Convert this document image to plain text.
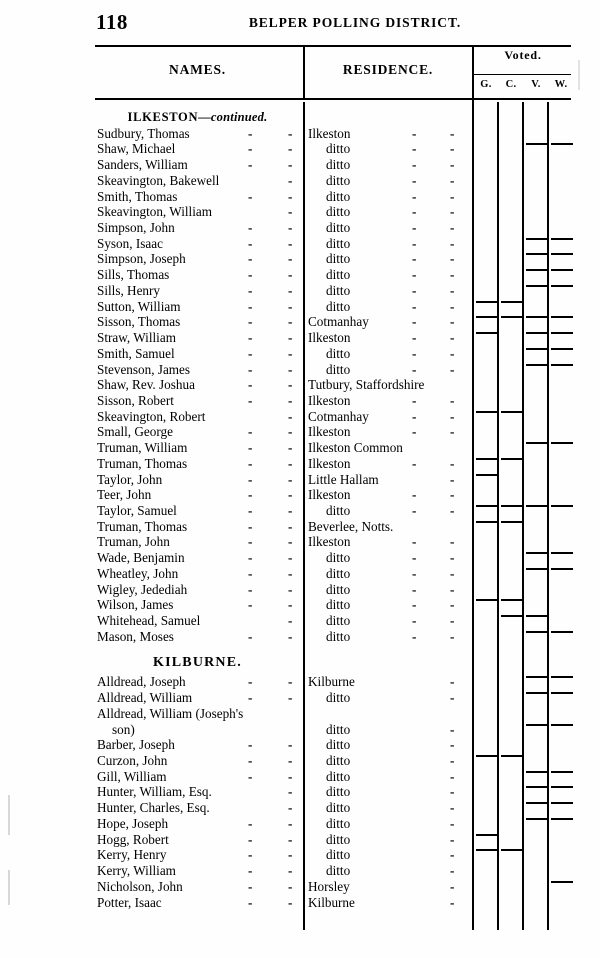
118	BELPER POLLING DISTRICT.
NAMES.	RESIDENCE.
Voted.
G.	C.	V.	W.
ILKESTON—continued.
Sudbury, Thomas	-	- Ilkeston	-	-
Shaw, Michael	-	-	ditto	-	-
Sanders, William	-	-	ditto	-	-
Skeavington, Bakewell	-	ditto	-	-
Smith, Thomas	-	-	ditto	-	-
Skeavington, William	-	ditto	-	-
Simpson, John	-	-	ditto	-	-
Syson, Isaac	-	-	ditto	-	-
Simpson, Joseph	-	-	ditto	-	-
Sills, Thomas	-	-	ditto	-	-
Sills, Henry	-	-	ditto	-	-
Sutton, William	-	-	ditto	-	-
Sisson, Thomas	-	- Cotmanhay	-	-
Straw, William	-	- Ilkeston	-	-
Smith, Samuel	-	-	ditto	-	-
Stevenson, James	-	-	ditto	-	-
Shaw, Rev. Joshua	-	- Tutbury, Staffordshire
Sisson, Robert	-	- Ilkeston	-	-
Skeavington, Robert	- Cotmanhay	-	-
Small, George	-	- Ilkeston	-	-
Truman, William	-	- Ilkeston Common
Truman, Thomas	-	- Ilkeston	-	-
Taylor, John	-	- Little Hallam	-
Teer, John	-	- Ilkeston	-	-
Taylor, Samuel	-	-	ditto	-	-
Truman, Thomas	-	- Beverlee, Notts.
Truman, John	-	- Ilkeston	-	-
Wade, Benjamin	-	-	ditto	-	-
Wheatley, John	-	-	ditto	-	-
Wigley, Jedediah	-	-	ditto	-	-
Wilson, James	-	-	ditto	-	-
Whitehead, Samuel	-	ditto	-	-
Mason, Moses	-	-	ditto	-	-
KILBURNE.
Alldread, Joseph	-	- Kilburne	-
Alldread, William	-	-	ditto	-
Alldread, William (Joseph's
son)	ditto	-
Barber, Joseph	-	-	ditto	-
Curzon, John	-	-	ditto	-
Gill, William	-	-	ditto	-
Hunter, William, Esq.	-	ditto	-
Hunter, Charles, Esq.	-	ditto	-
Hope, Joseph	-	-	ditto	-
Hogg, Robert	-	-	ditto	-
Kerry, Henry	-	-	ditto	-
Kerry, William	-	-	ditto	-
Nicholson, John	-	- Horsley	-
Potter, Isaac	-	- Kilburne	-
